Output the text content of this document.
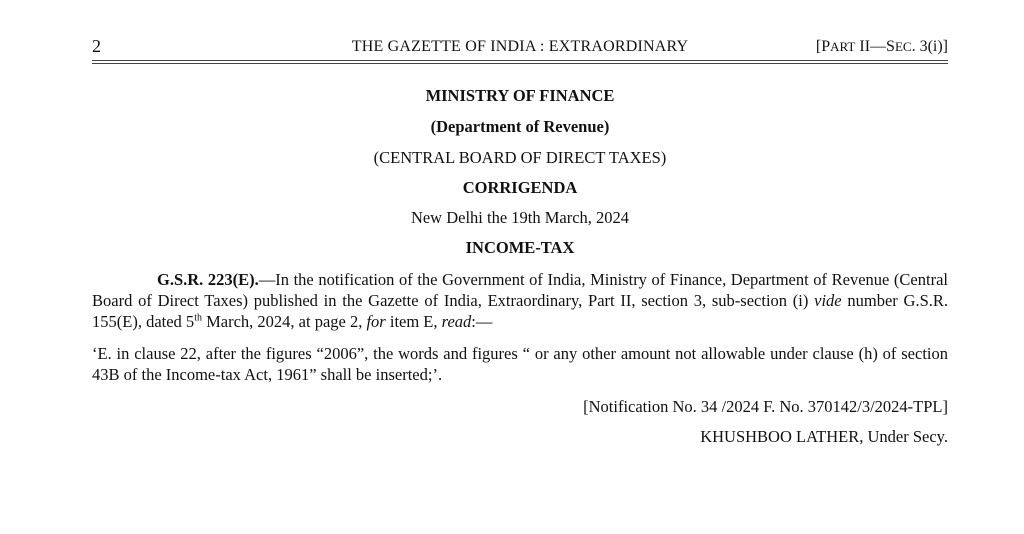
2	THE GAZETTE OF INDIA : EXTRAORDINARY	[PART II—SEC. 3(i)]
MINISTRY OF FINANCE
(Department of Revenue)
(CENTRAL BOARD OF DIRECT TAXES)
CORRIGENDA
New Delhi the 19th March, 2024
INCOME-TAX

G.S.R. 223(E).—In the notification of the Government of India, Ministry of Finance, Department of Revenue (Central Board of Direct Taxes) published in the Gazette of India, Extraordinary, Part II, section 3, sub-section (i) vide number G.S.R. 155(E), dated 5th March, 2024, at page 2, for item E, read:—

‘E. in clause 22, after the figures “2006”, the words and figures “ or any other amount not allowable under clause (h) of section 43B of the Income-tax Act, 1961” shall be inserted;’.

[Notification No. 34 /2024 F. No. 370142/3/2024-TPL]
KHUSHBOO LATHER, Under Secy.
